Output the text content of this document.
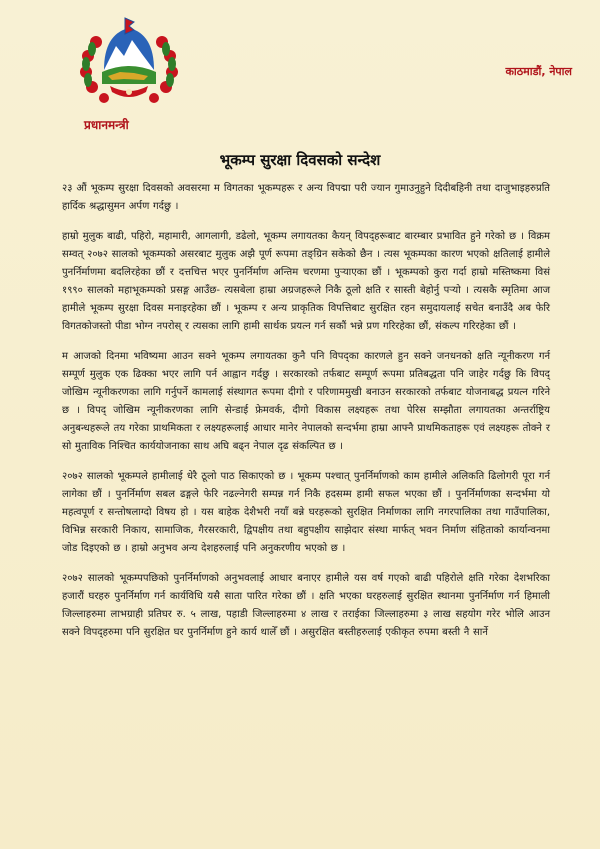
प्रधानमन्त्री
काठमाडौं, नेपाल
भूकम्प सुरक्षा दिवसको सन्देश

२३ औं भूकम्प सुरक्षा दिवसको अवसरमा म विगतका भूकम्पहरू र अन्य विपद्मा परी ज्यान गुमाउनुहुने दिदीबहिनी तथा दाजुभाइहरुप्रति हार्दिक श्रद्धासुमन अर्पण गर्दछु ।

हाम्रो मुलुक बाढी, पहिरो, महामारी, आगलागी, डढेलो, भूकम्प लगायतका कैयन् विपद्हरूबाट बारम्बार प्रभावित हुने गरेको छ । विक्रम सम्वत् २०७२ सालको भूकम्पको असरबाट मुलुक अझै पूर्ण रूपमा तङ्ग्रिन सकेको छैन । त्यस भूकम्पका कारण भएको क्षतिलाई हामीले पुनर्निर्माणमा बदलिरहेका छौं र दत्तचित्त भएर पुनर्निर्माण अन्तिम चरणमा पुर्‍याएका छौं । भूकम्पको कुरा गर्दा हाम्रो मस्तिष्कमा विसं १९९० सालको महाभूकम्पको प्रसङ्ग आउँछ- त्यसबेला हाम्रा अग्रजहरूले निकै ठूलो क्षति र सास्ती बेहोर्नु पर्‍यो । त्यसकै स्मृतिमा आज हामीले भूकम्प सुरक्षा दिवस मनाइरहेका छौं । भूकम्प र अन्य प्राकृतिक विपत्तिबाट सुरक्षित रहन समुदायलाई सचेत बनाउँदै अब फेरि विगतकोजस्तो पीडा भोग्न नपरोस् र त्यसका लागि हामी सार्थक प्रयत्न गर्न सकौं भन्ने प्रण गरिरहेका छौं, संकल्प गरिरहेका छौं ।

म आजको दिनमा भविष्यमा आउन सक्ने भूकम्प लगायतका कुनै पनि विपद्का कारणले हुन सक्ने जनधनको क्षति न्यूनीकरण गर्न सम्पूर्ण मुलुक एक ढिक्का भएर लागि पर्न आह्वान गर्दछु । सरकारको तर्फबाट सम्पूर्ण रूपमा प्रतिबद्धता पनि जाहेर गर्दछु कि विपद् जोखिम न्यूनीकरणका लागि गर्नुपर्ने कामलाई संस्थागत रूपमा दीगो र परिणाममुखी बनाउन सरकारको तर्फबाट योजनाबद्ध प्रयत्न गरिने छ । विपद् जोखिम न्यूनीकरणका लागि सेन्डाई फ्रेमवर्क, दीगो विकास लक्ष्यहरू तथा पेरिस सम्झौता लगायतका अन्तर्राष्ट्रिय अनुबन्धहरूले तय गरेका प्राथमिकता र लक्ष्यहरूलाई आधार मानेर नेपालको सन्दर्भमा हाम्रा आफ्नै प्राथमिकताहरू एवं लक्ष्यहरू तोक्ने र सो मुताविक निश्चित कार्ययोजनाका साथ अघि बढ्न नेपाल दृढ संकल्पित छ ।

२०७२ सालको भूकम्पले हामीलाई धेरै ठूलो पाठ सिकाएको छ । भूकम्प पश्चात् पुनर्निर्माणको काम हामीले अलिकति ढिलोगरी पूरा गर्न लागेका छौं । पुनर्निर्माण सबल ढङ्गले फेरि नढल्नेगरी सम्पन्न गर्न निकै हदसम्म हामी सफल भएका छौं । पुनर्निर्माणका सन्दर्भमा यो महत्वपूर्ण र सन्तोषलाग्दो विषय हो । यस बाहेक देशैभरी नयाँ बन्ने घरहरूको सुरक्षित निर्माणका लागि नगरपालिका तथा गाउँपालिका, विभिन्न सरकारी निकाय, सामाजिक, गैरसरकारी, द्विपक्षीय तथा बहुपक्षीय साझेदार संस्था मार्फत् भवन निर्माण संहिताको कार्यान्वनमा जोड दिइएको छ । हाम्रो अनुभव अन्य देशहरुलाई पनि अनुकरणीय भएको छ ।

२०७२ सालको भूकम्पपछिको पुनर्निर्माणको अनुभवलाई आधार बनाएर हामीले यस वर्ष गएको बाढी पहिरोले क्षति गरेका देशभरिका हजारौं घरहरु पुनर्निर्माण गर्न कार्यविधि यसै साता पारित गरेका छौं । क्षति भएका घरहरुलाई सुरक्षित स्थानमा पुनर्निर्माण गर्न हिमाली जिल्लाहरुमा लाभग्राही प्रतिघर रु. ५ लाख, पहाडी जिल्लाहरुमा ४ लाख र तराईका जिल्लाहरुमा ३ लाख सहयोग गरेर भोलि आउन सक्ने विपद्हरुमा पनि सुरक्षित घर पुनर्निर्माण हुने कार्य थालेँ छौं । असुरक्षित बस्तीहरुलाई एकीकृत रुपमा बस्ती नै सार्ने
